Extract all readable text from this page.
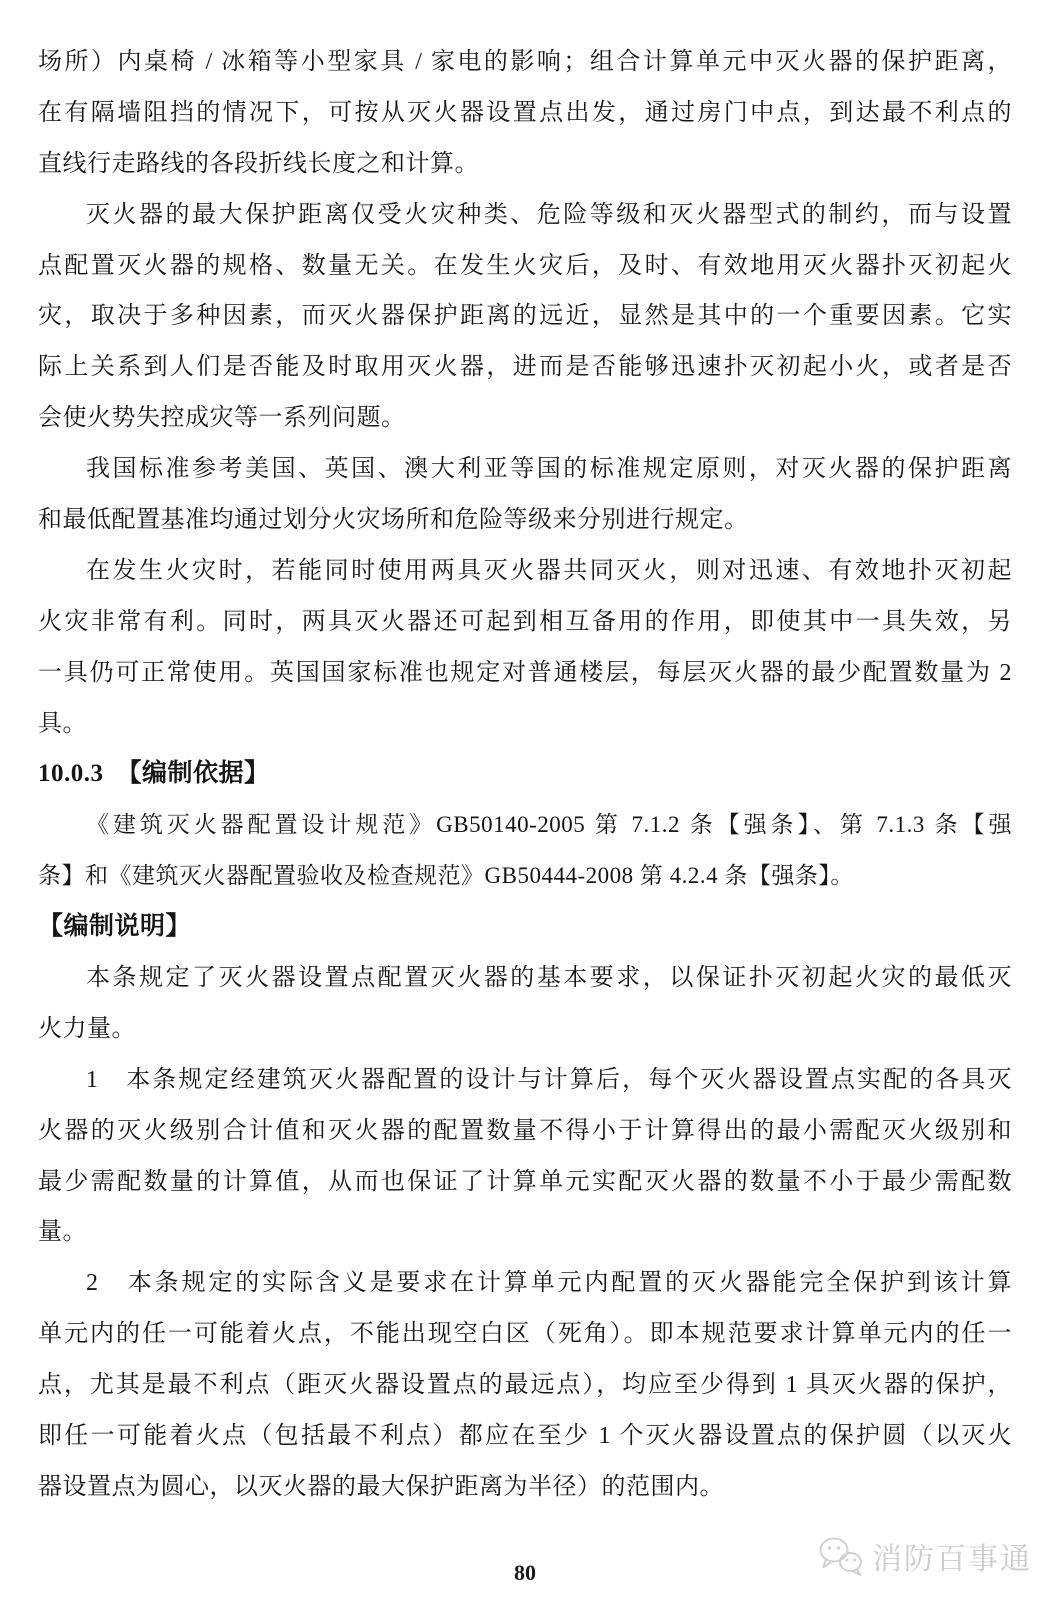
场所）内桌椅 / 冰箱等小型家具 / 家电的影响；组合计算单元中灭火器的保护距离，
在有隔墙阻挡的情况下，可按从灭火器设置点出发，通过房门中点，到达最不利点的
直线行走路线的各段折线长度之和计算。
灭火器的最大保护距离仅受火灾种类、危险等级和灭火器型式的制约，而与设置
点配置灭火器的规格、数量无关。在发生火灾后，及时、有效地用灭火器扑灭初起火
灾，取决于多种因素，而灭火器保护距离的远近，显然是其中的一个重要因素。它实
际上关系到人们是否能及时取用灭火器，进而是否能够迅速扑灭初起小火，或者是否
会使火势失控成灾等一系列问题。
我国标准参考美国、英国、澳大利亚等国的标准规定原则，对灭火器的保护距离
和最低配置基准均通过划分火灾场所和危险等级来分别进行规定。
在发生火灾时，若能同时使用两具灭火器共同灭火，则对迅速、有效地扑灭初起
火灾非常有利。同时，两具灭火器还可起到相互备用的作用，即使其中一具失效，另
一具仍可正常使用。英国国家标准也规定对普通楼层，每层灭火器的最少配置数量为 2
具。
10.0.3　【编制依据】
《建筑灭火器配置设计规范》GB50140-2005 第 7.1.2 条【强条】、第 7.1.3 条【强
条】和《建筑灭火器配置验收及检查规范》GB50444-2008 第 4.2.4 条【强条】。
【编制说明】
本条规定了灭火器设置点配置灭火器的基本要求，以保证扑灭初起火灾的最低灭
火力量。
1　本条规定经建筑灭火器配置的设计与计算后，每个灭火器设置点实配的各具灭
火器的灭火级别合计值和灭火器的配置数量不得小于计算得出的最小需配灭火级别和
最少需配数量的计算值，从而也保证了计算单元实配灭火器的数量不小于最少需配数
量。
2　本条规定的实际含义是要求在计算单元内配置的灭火器能完全保护到该计算
单元内的任一可能着火点，不能出现空白区（死角）。即本规范要求计算单元内的任一
点，尤其是最不利点（距灭火器设置点的最远点），均应至少得到 1 具灭火器的保护，
即任一可能着火点（包括最不利点）都应在至少 1 个灭火器设置点的保护圆（以灭火
器设置点为圆心，以灭火器的最大保护距离为半径）的范围内。
消防百事通
80
